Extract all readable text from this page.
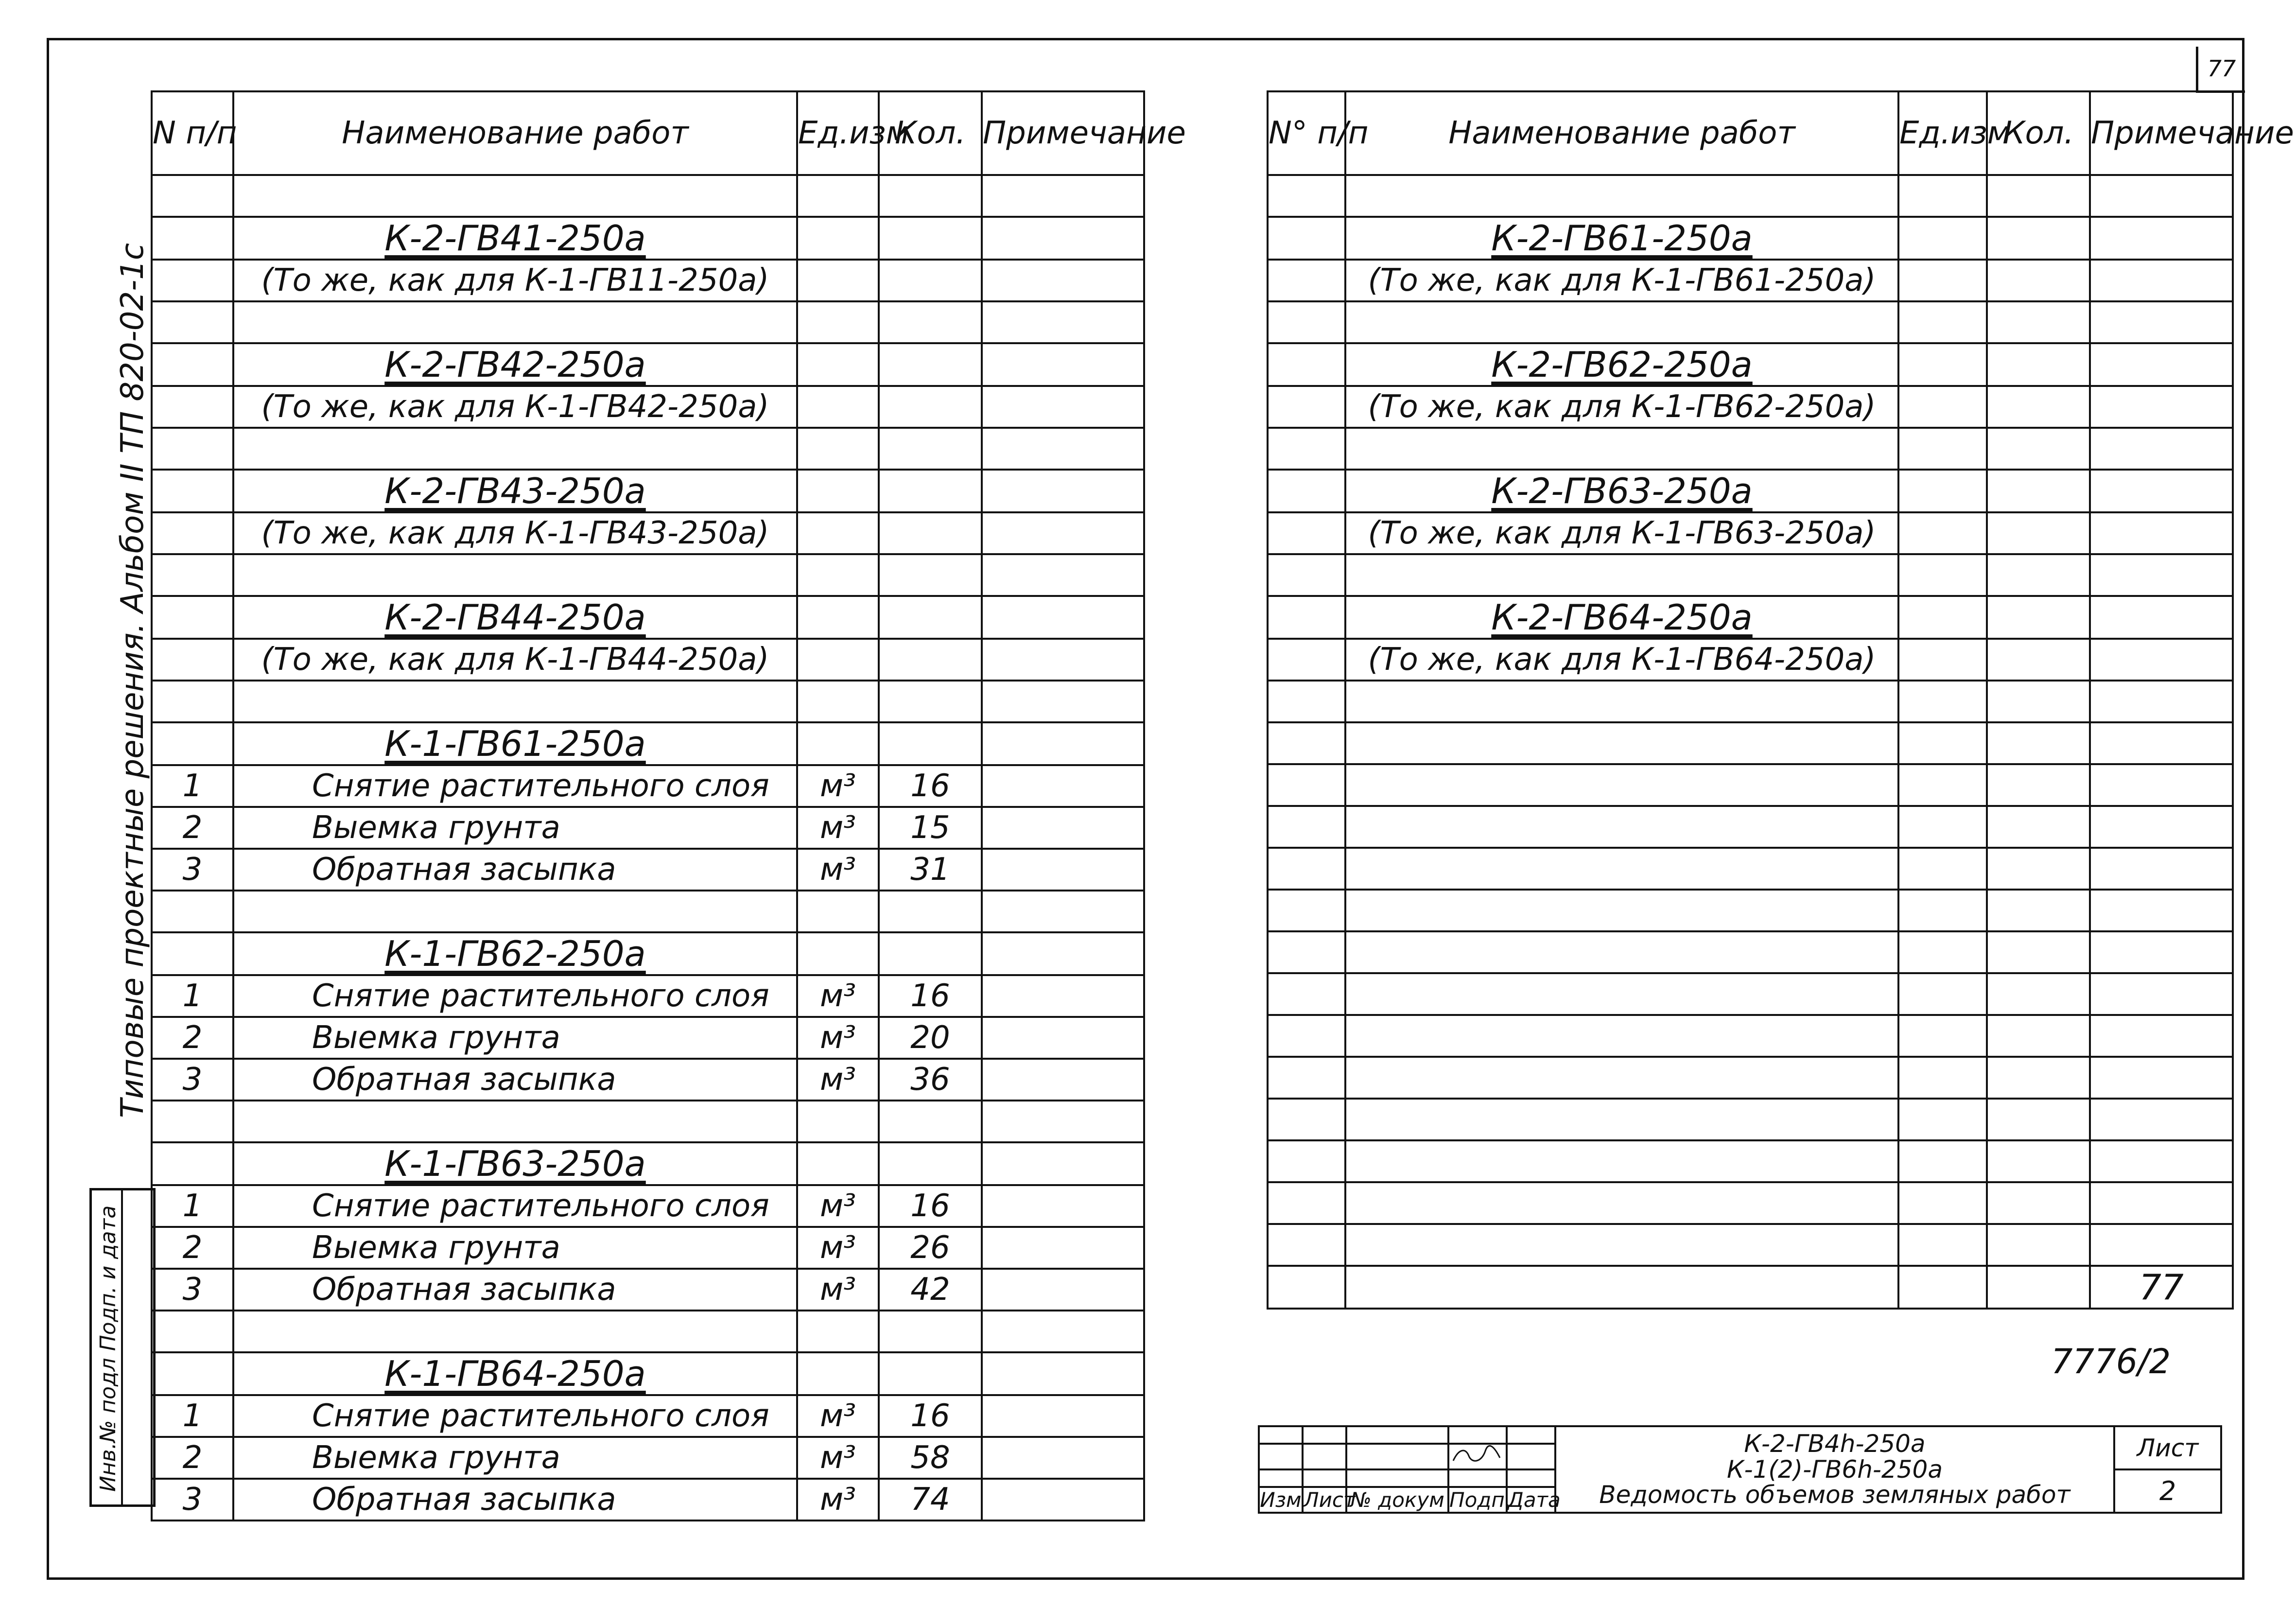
77
Типовые проектные решения. Альбом II ТП 820-02-1с
Инв.№ подл Подп. и дата
N п/п	Наименование работ	Ед.изм	Кол.	Примечание

	К-2-ГВ41-250а			
	(То же, как для К-1-ГВ11-250а)			

	К-2-ГВ42-250а			
	(То же, как для К-1-ГВ42-250а)			

	К-2-ГВ43-250а			
	(То же, как для К-1-ГВ43-250а)			

	К-2-ГВ44-250а			
	(То же, как для К-1-ГВ44-250а)			

	К-1-ГВ61-250а			
1	Снятие растительного слоя	м³	16	
2	Выемка грунта	м³	15	
3	Обратная засыпка	м³	31	

	К-1-ГВ62-250а			
1	Снятие растительного слоя	м³	16	
2	Выемка грунта	м³	20	
3	Обратная засыпка	м³	36	

	К-1-ГВ63-250а			
1	Снятие растительного слоя	м³	16	
2	Выемка грунта	м³	26	
3	Обратная засыпка	м³	42	

	К-1-ГВ64-250а			
1	Снятие растительного слоя	м³	16	
2	Выемка грунта	м³	58	
3	Обратная засыпка	м³	74	
N° п/п	Наименование работ	Ед.изм	Кол.	Примечание

	К-2-ГВ61-250а			
	(То же, как для К-1-ГВ61-250а)			

	К-2-ГВ62-250а			
	(То же, как для К-1-ГВ62-250а)			

	К-2-ГВ63-250а			
	(То же, как для К-1-ГВ63-250а)			

	К-2-ГВ64-250а			
	(То же, как для К-1-ГВ64-250а)			

				77
7776/2

					К-2-ГВ4h-250а
К-1(2)-ГВ6h-250а
Ведомость объемов земляных работ	Лист

						2
Изм	Лист	№ докум	Подп.	Дата		
